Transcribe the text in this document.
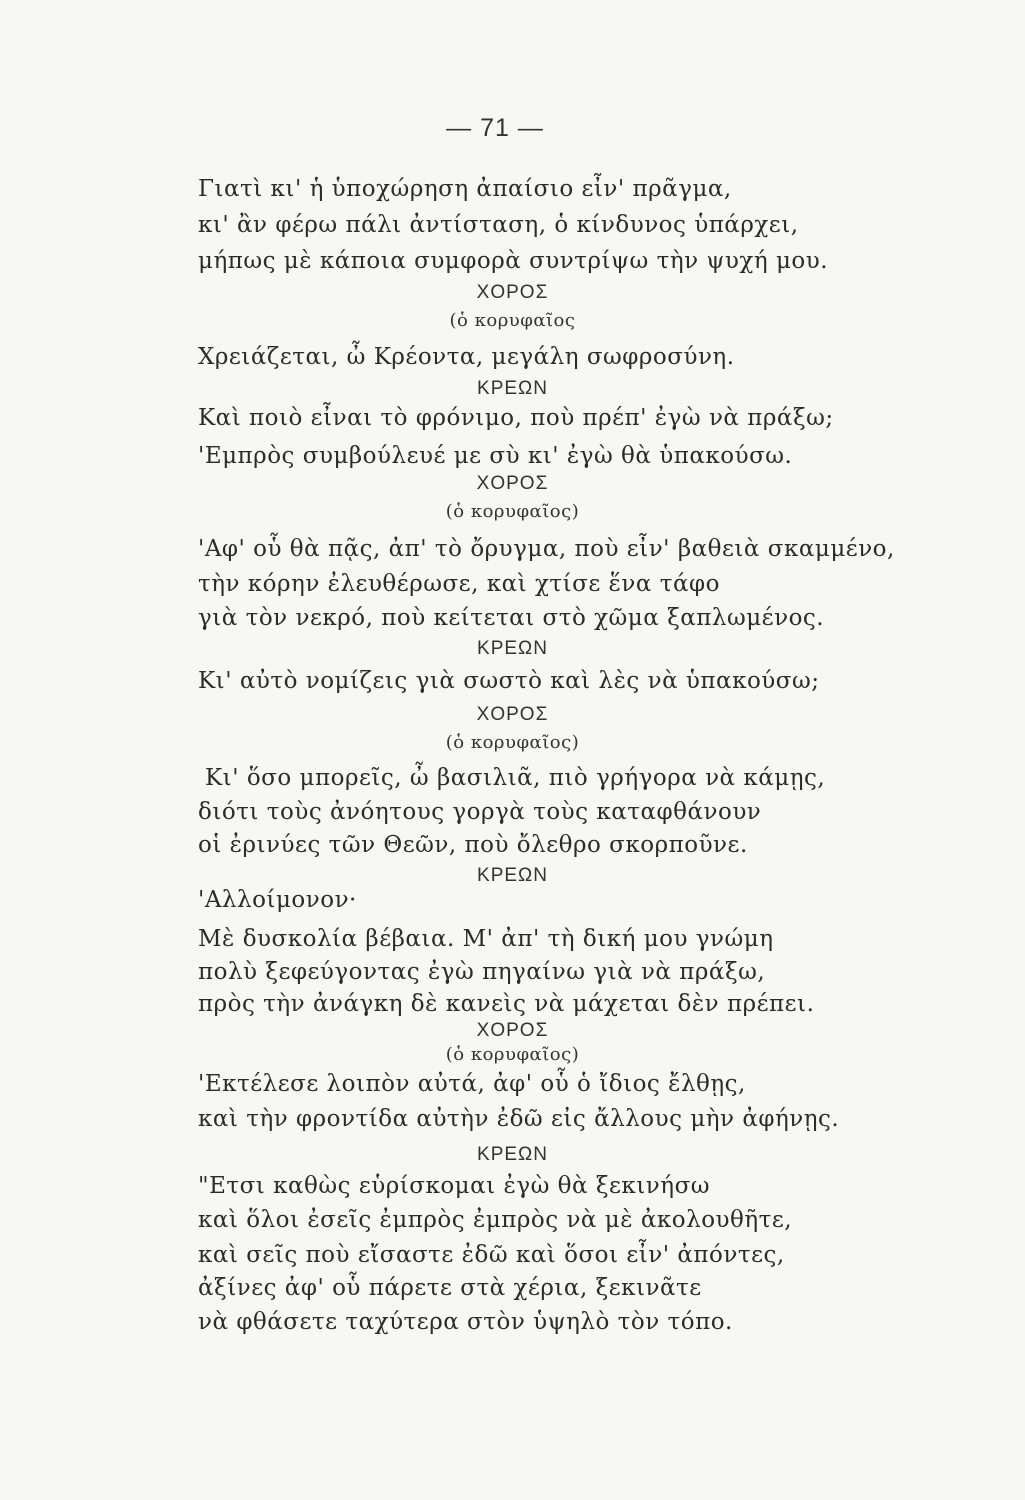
— 71 —
Γιατὶ κι' ἡ ὑποχώρηση ἀπαίσιο εἶν' πρᾶγμα,
κι' ἂν φέρω πάλι ἀντίσταση, ὁ κίνδυνος ὑπάρχει,
μήπως μὲ κάποια συμφορὰ συντρίψω τὴν ψυχή μου.
ΧΟΡΟΣ
(ὁ κορυφαῖος
Χρειάζεται, ὦ Κρέοντα, μεγάλη σωφροσύνη.
ΚΡΕΩΝ
Καὶ ποιὸ εἶναι τὸ φρόνιμο, ποὺ πρέπ' ἐγὼ νὰ πράξω;
'Εμπρὸς συμβούλευέ με σὺ κι' ἐγὼ θὰ ὑπακούσω.
ΧΟΡΟΣ
(ὁ κορυφαῖος)
'Αφ' οὗ θὰ πᾷς, ἀπ' τὸ ὄρυγμα, ποὺ εἶν' βαθειὰ σκαμμένο,
τὴν κόρην ἐλευθέρωσε, καὶ χτίσε ἕνα τάφο
γιὰ τὸν νεκρό, ποὺ κείτεται στὸ χῶμα ξαπλωμένος.
ΚΡΕΩΝ
Κι' αὐτὸ νομίζεις γιὰ σωστὸ καὶ λὲς νὰ ὑπακούσω;
ΧΟΡΟΣ
(ὁ κορυφαῖος)
Κι' ὅσο μπορεῖς, ὦ βασιλιᾶ, πιὸ γρήγορα νὰ κάμῃς,
διότι τοὺς ἀνόητους γοργὰ τοὺς καταφθάνουν
οἱ ἐρινύες τῶν Θεῶν, ποὺ ὄλεθρο σκορποῦνε.
ΚΡΕΩΝ
'Αλλοίμονον·
Μὲ δυσκολία βέβαια. Μ' ἀπ' τὴ δική μου γνώμη
πολὺ ξεφεύγοντας ἐγὼ πηγαίνω γιὰ νὰ πράξω,
πρὸς τὴν ἀνάγκη δὲ κανεὶς νὰ μάχεται δὲν πρέπει.
ΧΟΡΟΣ
(ὁ κορυφαῖος)
'Εκτέλεσε λοιπὸν αὐτά, ἀφ' οὗ ὁ ἴδιος ἔλθῃς,
καὶ τὴν φροντίδα αὐτὴν ἐδῶ εἰς ἄλλους μὴν ἀφήνῃς.
ΚΡΕΩΝ
"Ετσι καθὼς εὑρίσκομαι ἐγὼ θὰ ξεκινήσω
καὶ ὅλοι ἐσεῖς ἐμπρὸς ἐμπρὸς νὰ μὲ ἀκολουθῆτε,
καὶ σεῖς ποὺ εἴσαστε ἐδῶ καὶ ὅσοι εἶν' ἀπόντες,
ἀξίνες ἀφ' οὗ πάρετε στὰ χέρια, ξεκινᾶτε
νὰ φθάσετε ταχύτερα στὸν ὑψηλὸ τὸν τόπο.
